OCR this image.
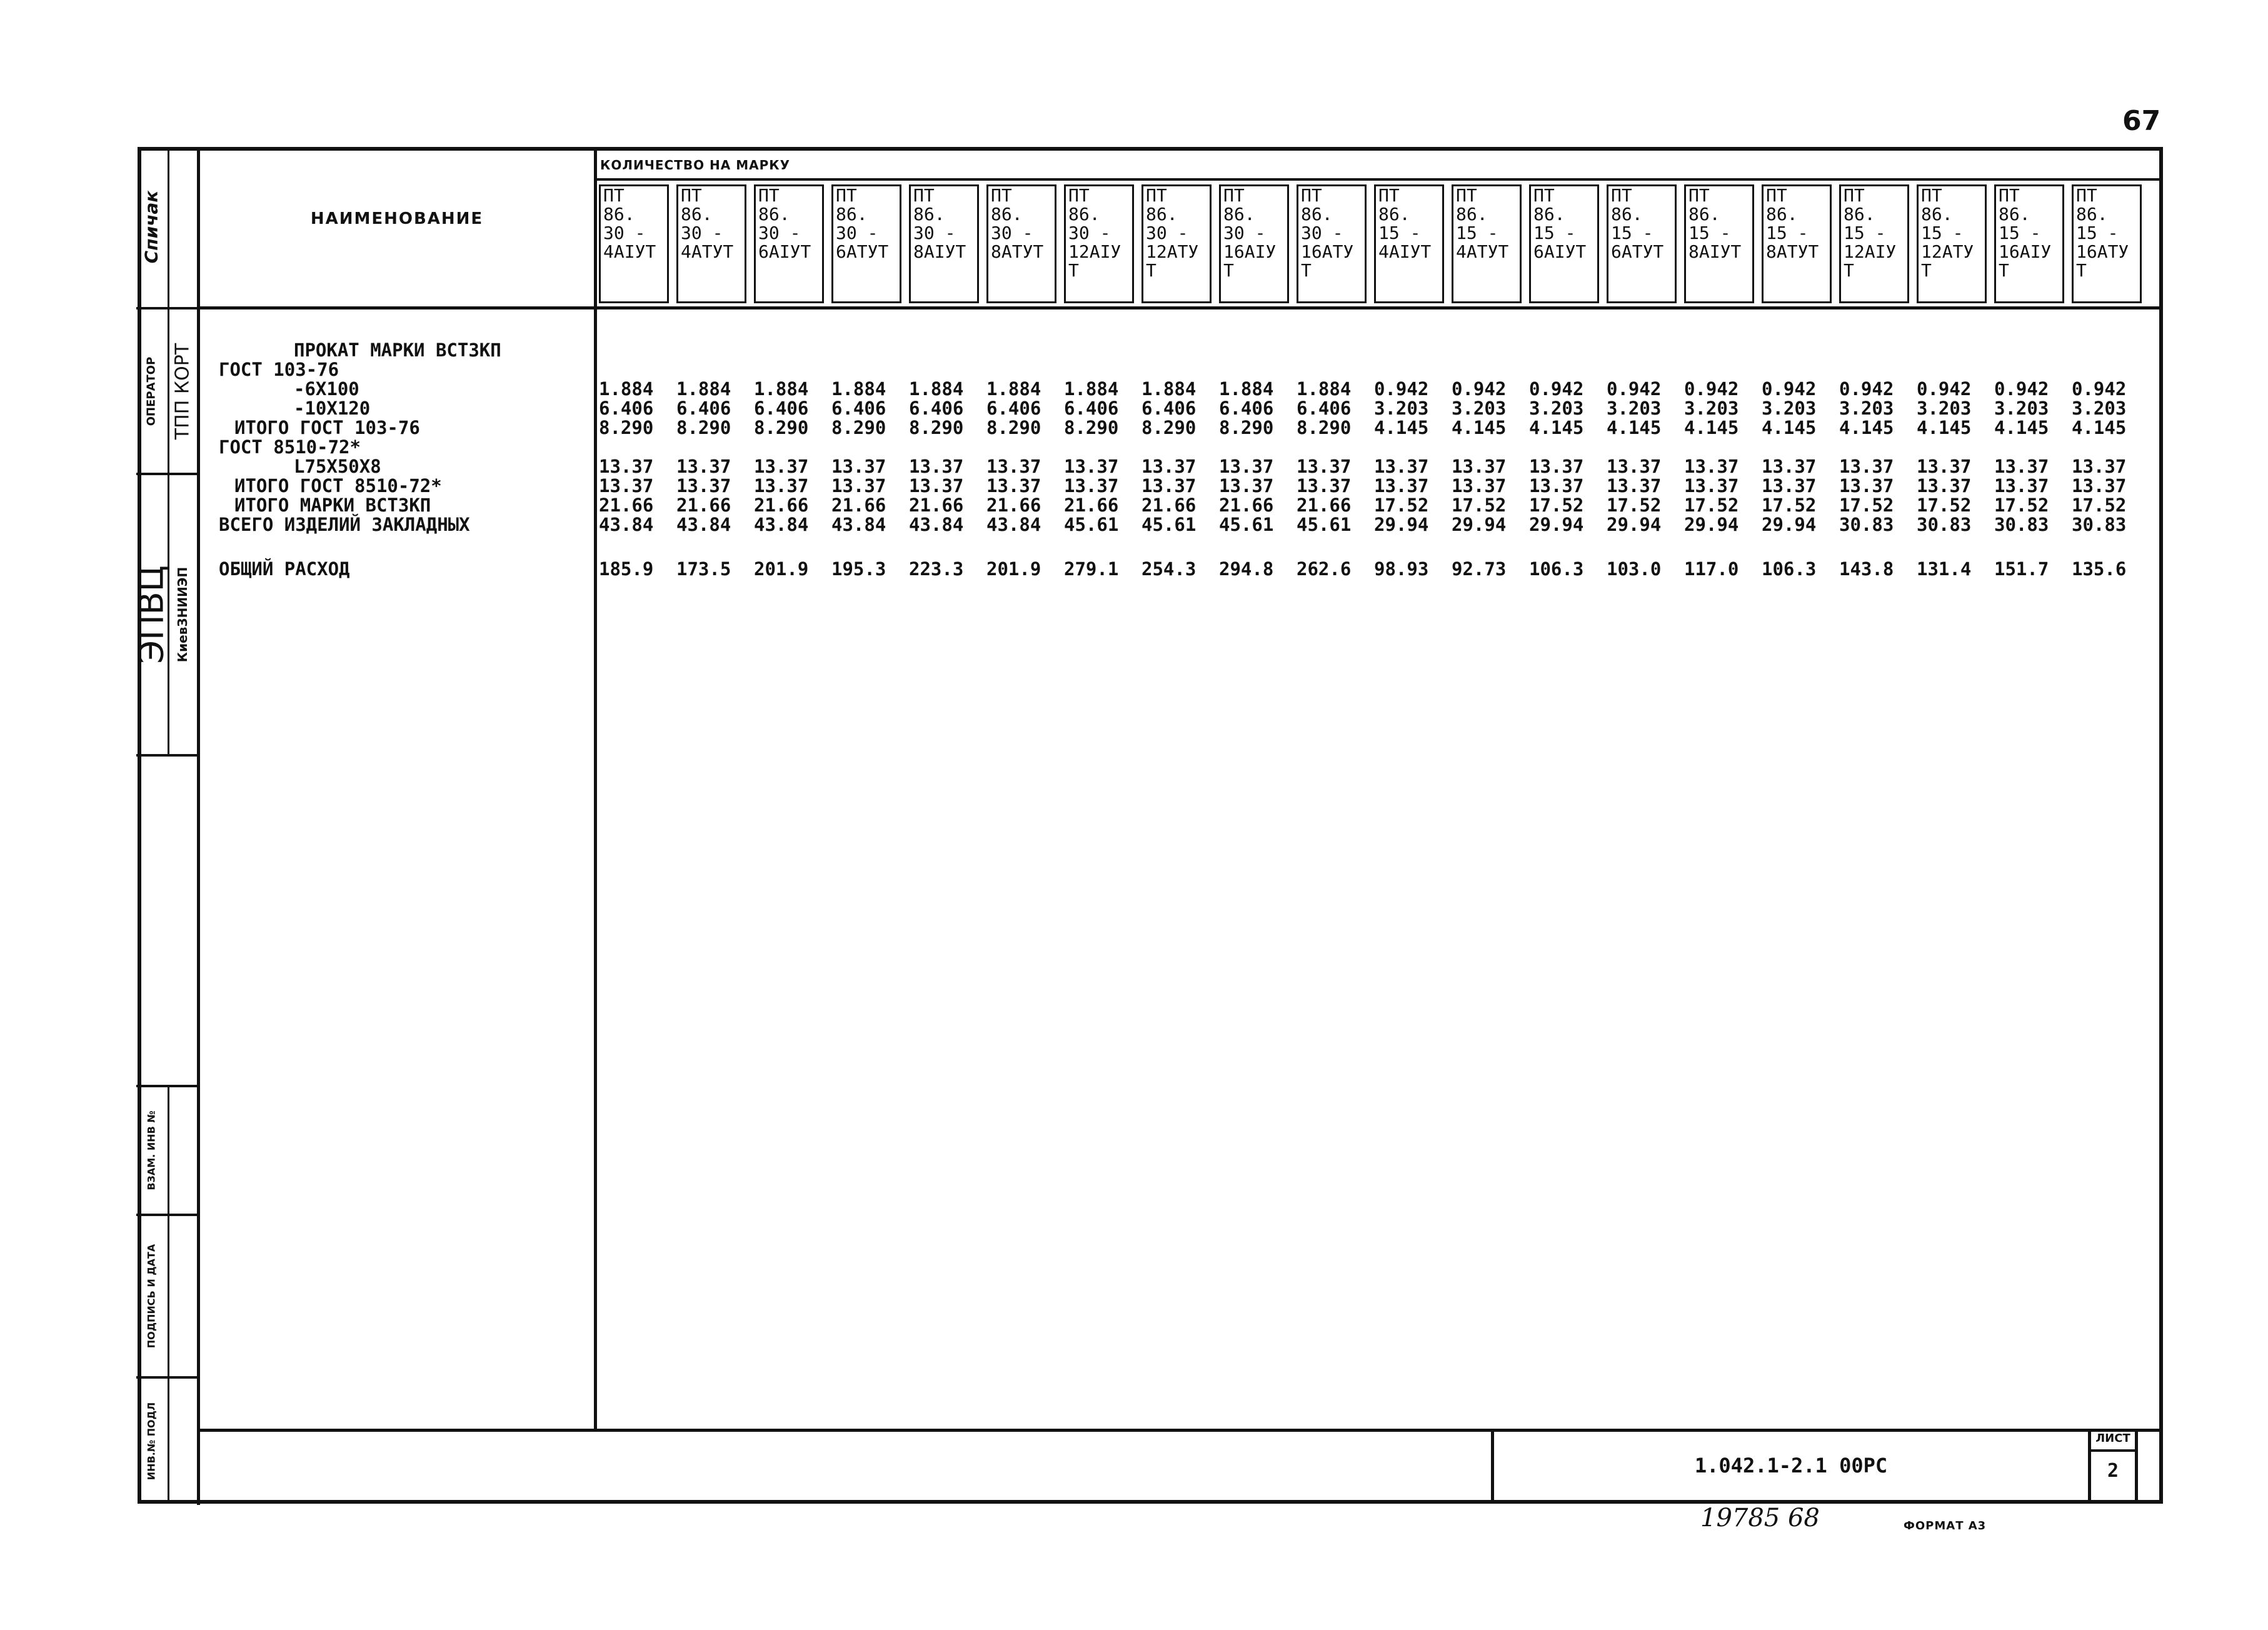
67
Спичак
ОПЕРАТОР ТПП КОРТ
ЭПВЦ КиевЗНИИЭП
ВЗАМ. ИНВ №
ПОДПИСЬ И ДАТА
ИНВ.№ ПОДЛ
НАИМЕНОВАНИЕ
КОЛИЧЕСТВО НА МАРКУ
ПТ
86.
30 -
4АIУТ
ПТ
86.
30 -
4АТУТ
ПТ
86.
30 -
6АIУТ
ПТ
86.
30 -
6АТУТ
ПТ
86.
30 -
8АIУТ
ПТ
86.
30 -
8АТУТ
ПТ
86.
30 -
12АIУ
Т
ПТ
86.
30 -
12АТУ
Т
ПТ
86.
30 -
16АIУ
Т
ПТ
86.
30 -
16АТУ
Т
ПТ
86.
15 -
4АIУТ
ПТ
86.
15 -
4АТУТ
ПТ
86.
15 -
6АIУТ
ПТ
86.
15 -
6АТУТ
ПТ
86.
15 -
8АIУТ
ПТ
86.
15 -
8АТУТ
ПТ
86.
15 -
12АIУ
Т
ПТ
86.
15 -
12АТУ
Т
ПТ
86.
15 -
16АIУ
Т
ПТ
86.
15 -
16АТУ
Т
ПРОКАТ МАРКИ ВСТ3КП
ГОСТ 103-76
-6Х100
-10Х120
ИТОГО ГОСТ 103-76
ГОСТ 8510-72*
L75Х50Х8
ИТОГО ГОСТ 8510-72*
ИТОГО МАРКИ ВСТ3КП
ВСЕГО ИЗДЕЛИЙ ЗАКЛАДНЫХ
ОБЩИЙ РАСХОД
1.884 1.884 1.884 1.884 1.884 1.884 1.884 1.884 1.884 1.884 0.942 0.942 0.942 0.942 0.942 0.942 0.942 0.942 0.942 0.942
6.406 6.406 6.406 6.406 6.406 6.406 6.406 6.406 6.406 6.406 3.203 3.203 3.203 3.203 3.203 3.203 3.203 3.203 3.203 3.203
8.290 8.290 8.290 8.290 8.290 8.290 8.290 8.290 8.290 8.290 4.145 4.145 4.145 4.145 4.145 4.145 4.145 4.145 4.145 4.145
13.37 13.37 13.37 13.37 13.37 13.37 13.37 13.37 13.37 13.37 13.37 13.37 13.37 13.37 13.37 13.37 13.37 13.37 13.37 13.37
13.37 13.37 13.37 13.37 13.37 13.37 13.37 13.37 13.37 13.37 13.37 13.37 13.37 13.37 13.37 13.37 13.37 13.37 13.37 13.37
21.66 21.66 21.66 21.66 21.66 21.66 21.66 21.66 21.66 21.66 17.52 17.52 17.52 17.52 17.52 17.52 17.52 17.52 17.52 17.52
43.84 43.84 43.84 43.84 43.84 43.84 45.61 45.61 45.61 45.61 29.94 29.94 29.94 29.94 29.94 29.94 30.83 30.83 30.83 30.83
185.9 173.5 201.9 195.3 223.3 201.9 279.1 254.3 294.8 262.6 98.93 92.73 106.3 103.0 117.0 106.3 143.8 131.4 151.7 135.6
1.042.1-2.1 00РС
ЛИСТ
2
19785 68	ФОРМАТ А3
